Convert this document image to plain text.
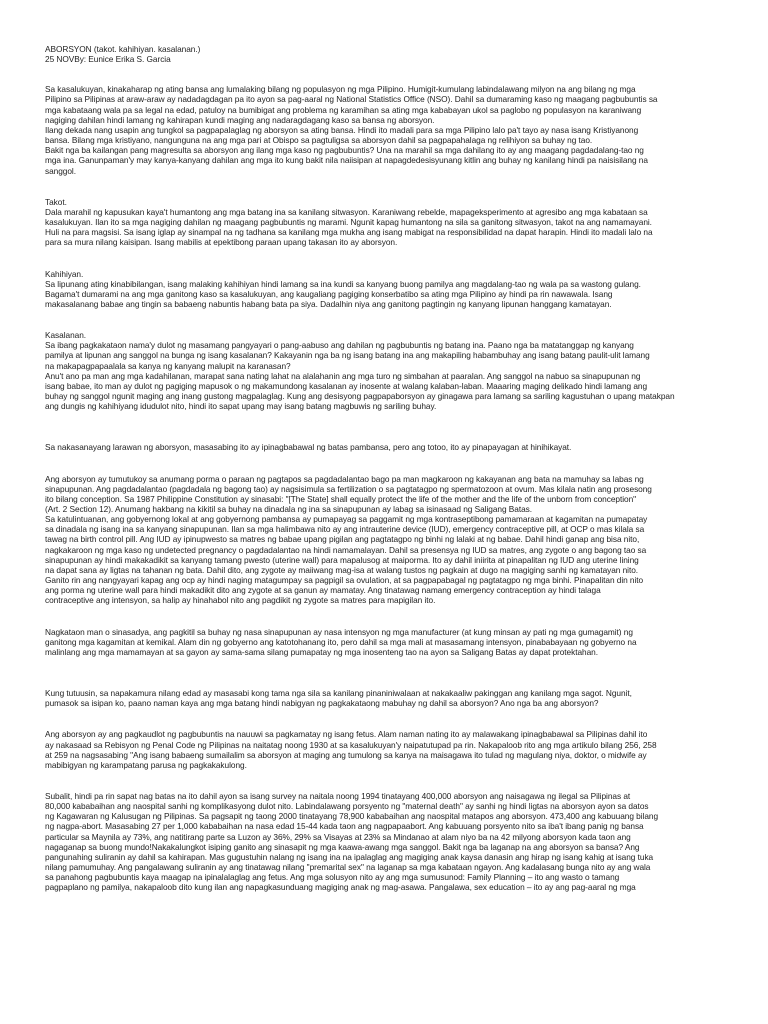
ABORSYON (takot. kahihiyan. kasalanan.)
25 NOVBy: Eunice Erika S. Garcia
Sa kasalukuyan, kinakaharap ng ating bansa ang lumalaking bilang ng populasyon ng mga Pilipino. Humigit-kumulang labindalawang milyon na ang bilang ng mga
Pilipino sa Pilipinas at araw-araw ay nadadagdagan pa ito ayon sa pag-aaral ng National Statistics Office (NSO). Dahil sa dumaraming kaso ng maagang pagbubuntis sa
mga kabataang wala pa sa legal na edad, patuloy na bumibigat ang problema ng karamihan sa ating mga kababayan ukol sa paglobo ng populasyon na karaniwang
nagiging dahilan hindi lamang ng kahirapan kundi maging ang nadaragdagang kaso sa bansa ng aborsyon.
Ilang dekada nang usapin ang tungkol sa pagpapalaglag ng aborsyon sa ating bansa. Hindi ito madali para sa mga Pilipino lalo pa't tayo ay nasa isang Kristiyanong
bansa. Bilang mga kristiyano, nangunguna na ang mga pari at Obispo sa pagtuligsa sa aborsyon dahil sa pagpapahalaga ng relihiyon sa buhay ng tao.
Bakit nga ba kailangan pang magresulta sa aborsyon ang ilang mga kaso ng pagbubuntis? Una na marahil sa mga dahilang ito ay ang maagang pagdadalang-tao ng
mga ina. Ganunpaman'y may kanya-kanyang dahilan ang mga ito kung bakit nila naiisipan at napagdedesisyunang kitlin ang buhay ng kanilang hindi pa naisisilang na
sanggol.
Takot.
Dala marahil ng kapusukan kaya't humantong ang mga batang ina sa kanilang sitwasyon. Karaniwang rebelde, mapageksperimento at agresibo ang mga kabataan sa
kasalukuyan. Ilan ito sa mga nagiging dahilan ng maagang pagbubuntis ng marami. Ngunit kapag humantong na sila sa ganitong sitwasyon, takot na ang namamayani.
Huli na para magsisi. Sa isang iglap ay sinampal na ng tadhana sa kanilang mga mukha ang isang mabigat na responsibilidad na dapat harapin. Hindi ito madali lalo na
para sa mura nilang kaisipan. Isang mabilis at epektibong paraan upang takasan ito ay aborsyon.
Kahihiyan.
Sa lipunang ating kinabibilangan, isang malaking kahihiyan hindi lamang sa ina kundi sa kanyang buong pamilya ang magdalang-tao ng wala pa sa wastong gulang.
Bagama't dumarami na ang mga ganitong kaso sa kasalukuyan, ang kaugaliang pagiging konserbatibo sa ating mga Pilipino ay hindi pa rin nawawala. Isang
makasalanang babae ang tingin sa babaeng nabuntis habang bata pa siya. Dadalhin niya ang ganitong pagtingin ng kanyang lipunan hanggang kamatayan.
Kasalanan.
Sa ibang pagkakataon nama'y dulot ng masamang pangyayari o pang-aabuso ang dahilan ng pagbubuntis ng batang ina. Paano nga ba matatanggap ng kanyang
pamilya at lipunan ang sanggol na bunga ng isang kasalanan? Kakayanin nga ba ng isang batang ina ang makapiling habambuhay ang isang batang paulit-ulit lamang
na makapagpapaalala sa kanya ng kanyang malupit na karanasan?
Anu't ano pa man ang mga kadahilanan, marapat sana nating lahat na alalahanin ang mga turo ng simbahan at paaralan. Ang sanggol na nabuo sa sinapupunan ng
isang babae, ito man ay dulot ng pagiging mapusok o ng makamundong kasalanan ay inosente at walang kalaban-laban. Maaaring maging delikado hindi lamang ang
buhay ng sanggol ngunit maging ang inang gustong magpalaglag. Kung ang desisyong pagpapaborsyon ay ginagawa para lamang sa sariling kagustuhan o upang matakpan
ang dungis ng kahihiyang idudulot nito, hindi ito sapat upang may isang batang magbuwis ng sariling buhay.
Sa nakasanayang larawan ng aborsyon, masasabing ito ay ipinagbabawal ng batas pambansa, pero ang totoo, ito ay pinapayagan at hinihikayat.
Ang aborsyon ay tumutukoy sa anumang porma o paraan ng pagtapos sa pagdadalantao bago pa man magkaroon ng kakayanan ang bata na mamuhay sa labas ng
sinapupunan. Ang pagdadalantao (pagdadala ng bagong tao) ay nagsisimula sa fertilization o sa pagtatagpo ng spermatozoon at ovum. Mas kilala natin ang prosesong
ito bilang conception. Sa 1987 Philippine Constitution ay sinasabi: "[The State] shall equally protect the life of the mother and the life of the unborn from conception"
(Art. 2 Section 12). Anumang hakbang na kikitil sa buhay na dinadala ng ina sa sinapupunan ay labag sa isinasaad ng Saligang Batas.
Sa katulintuanan, ang gobyernong lokal at ang gobyernong pambansa ay pumapayag sa paggamit ng mga kontraseptibong pamamaraan at kagamitan na pumapatay
sa dinadala ng isang ina sa kanyang sinapupunan. Ilan sa mga halimbawa nito ay ang intrauterine device (IUD), emergency contraceptive pill, at OCP o mas kilala sa
tawag na birth control pill. Ang IUD ay ipinupwesto sa matres ng babae upang pigilan ang pagtatagpo ng binhi ng lalaki at ng babae. Dahil hindi ganap ang bisa nito,
nagkakaroon ng mga kaso ng undetected pregnancy o pagdadalantao na hindi namamalayan. Dahil sa presensya ng IUD sa matres, ang zygote o ang bagong tao sa
sinapupunan ay hindi makakadikit sa kanyang tamang pwesto (uterine wall) para mapalusog at maiporma. Ito ay dahil iniirita at pinapalitan ng IUD ang uterine lining
na dapat sana ay ligtas na tahanan ng bata. Dahil dito, ang zygote ay maiiwang mag-isa at walang tustos ng pagkain at dugo na magiging sanhi ng kamatayan nito.
Ganito rin ang nangyayari kapag ang ocp ay hindi naging matagumpay sa pagpigil sa ovulation, at sa pagpapabagal ng pagtatagpo ng mga binhi. Pinapalitan din nito
ang porma ng uterine wall para hindi makadikit dito ang zygote at sa ganun ay mamatay. Ang tinatawag namang emergency contraception ay hindi talaga
contraceptive ang intensyon, sa halip ay hinahabol nito ang pagdikit ng zygote sa matres para mapigilan ito.
Nagkataon man o sinasadya, ang pagkitil sa buhay ng nasa sinapupunan ay nasa intensyon ng mga manufacturer (at kung minsan ay pati ng mga gumagamit) ng
ganitong mga kagamitan at kemikal. Alam din ng gobyerno ang katotohanang ito, pero dahil sa mga mali at masasamang intensyon, pinababayaan ng gobyerno na
malinlang ang mga mamamayan at sa gayon ay sama-sama silang pumapatay ng mga inosenteng tao na ayon sa Saligang Batas ay dapat protektahan.
Kung tutuusin, sa napakamura nilang edad ay masasabi kong tama nga sila sa kanilang pinaniniwalaan at nakakaaliw pakinggan ang kanilang mga sagot. Ngunit,
pumasok sa isipan ko, paano naman kaya ang mga batang hindi nabigyan ng pagkakataong mabuhay ng dahil sa aborsyon? Ano nga ba ang aborsyon?
Ang aborsyon ay ang pagkaudlot ng pagbubuntis na nauuwi sa pagkamatay ng isang fetus. Alam naman nating ito ay malawakang ipinagbabawal sa Pilipinas dahil ito
ay nakasaad sa Rebisyon ng Penal Code ng Pilipinas na naitatag noong 1930 at sa kasalukuyan'y naipatutupad pa rin. Nakapaloob rito ang mga artikulo bilang 256, 258
at 259 na nagsasabing "Ang isang babaeng sumailalim sa aborsyon at maging ang tumulong sa kanya na maisagawa ito tulad ng magulang niya, doktor, o midwife ay
mabibigyan ng karampatang parusa ng pagkakakulong.
Subalit, hindi pa rin sapat nag batas na ito dahil ayon sa isang survey na naitala noong 1994 tinatayang 400,000 aborsyon ang naisagawa ng ilegal sa Pilipinas at
80,000 kababaihan ang naospital sanhi ng komplikasyong dulot nito. Labindalawang porsyento ng "maternal death" ay sanhi ng hindi ligtas na aborsyon ayon sa datos
ng Kagawaran ng Kalusugan ng Pilipinas. Sa pagsapit ng taong 2000 tinatayang 78,900 kababaihan ang naospital matapos ang aborsyon. 473,400 ang kabuuang bilang
ng nagpa-abort. Masasabing 27 per 1,000 kababaihan na nasa edad 15-44 kada taon ang nagpapaabort. Ang kabuuang porsyento nito sa iba't ibang panig ng bansa
particular sa Maynila ay 73%, ang natitirang parte sa Luzon ay 36%, 29% sa Visayas at 23% sa Mindanao at alam niyo ba na 42 milyong aborsyon kada taon ang
nagaganap sa buong mundo!Nakakalungkot isiping ganito ang sinasapit ng mga kaawa-awang mga sanggol. Bakit nga ba laganap na ang aborsyon sa bansa? Ang
pangunahing suliranin ay dahil sa kahirapan. Mas gugustuhin nalang ng isang ina na ipalaglag ang magiging anak kaysa danasin ang hirap ng isang kahig at isang tuka
nilang pamumuhay. Ang pangalawang suliranin ay ang tinatawag nilang "premarital sex" na laganap sa mga kabataan ngayon. Ang kadalasang bunga nito ay ang wala
sa panahong pagbubuntis kaya maagap na ipinalalaglag ang fetus. Ang mga solusyon nito ay ang mga sumusunod: Family Planning – ito ang wasto o tamang
pagpaplano ng pamilya, nakapaloob dito kung ilan ang napagkasunduang magiging anak ng mag-asawa. Pangalawa, sex education – ito ay ang pag-aaral ng mga
